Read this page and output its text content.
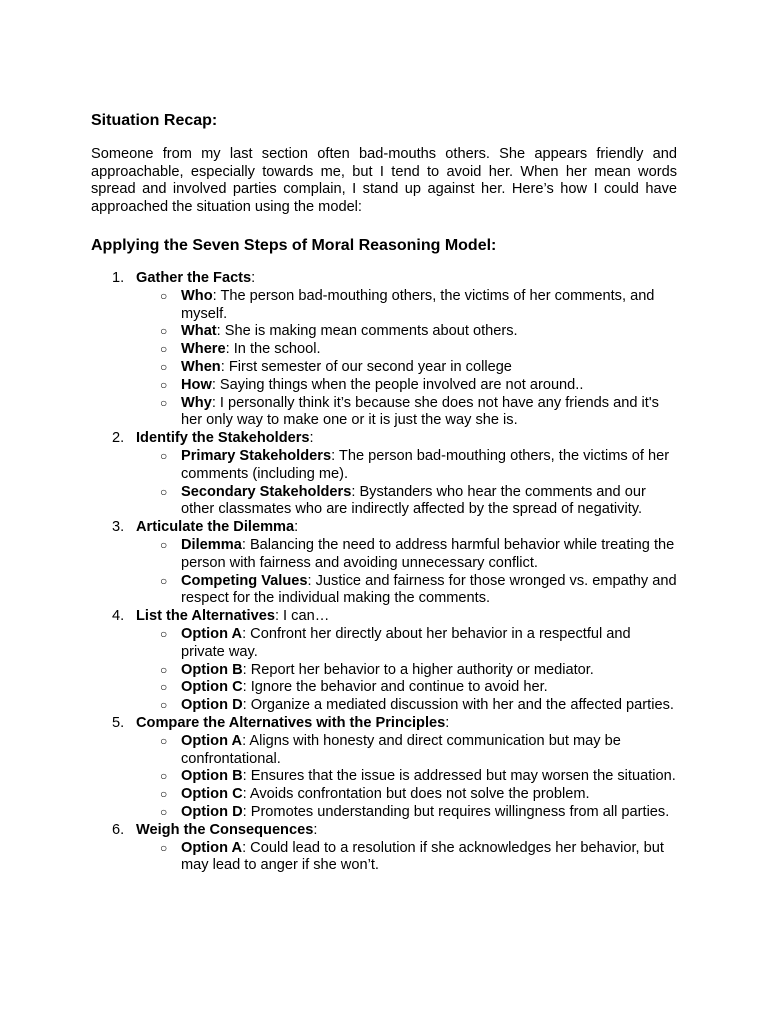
Situation Recap:

Someone from my last section often bad-mouths others. She appears friendly and approachable, especially towards me, but I tend to avoid her. When her mean words spread and involved parties complain, I stand up against her. Here’s how I could have approached the situation using the model:

Applying the Seven Steps of Moral Reasoning Model:
1. Gather the Facts:
○ Who: The person bad-mouthing others, the victims of her comments, and myself.
○ What: She is making mean comments about others.
○ Where: In the school.
○ When: First semester of our second year in college
○ How: Saying things when the people involved are not around..
○ Why: I personally think it’s because she does not have any friends and it's her only way to make one or it is just the way she is.
2. Identify the Stakeholders:
○ Primary Stakeholders: The person bad-mouthing others, the victims of her comments (including me).
○ Secondary Stakeholders: Bystanders who hear the comments and our other classmates who are indirectly affected by the spread of negativity.
3. Articulate the Dilemma:
○ Dilemma: Balancing the need to address harmful behavior while treating the person with fairness and avoiding unnecessary conflict.
○ Competing Values: Justice and fairness for those wronged vs. empathy and respect for the individual making the comments.
4. List the Alternatives: I can…
○ Option A: Confront her directly about her behavior in a respectful and private way.
○ Option B: Report her behavior to a higher authority or mediator.
○ Option C: Ignore the behavior and continue to avoid her.
○ Option D: Organize a mediated discussion with her and the affected parties.
5. Compare the Alternatives with the Principles:
○ Option A: Aligns with honesty and direct communication but may be confrontational.
○ Option B: Ensures that the issue is addressed but may worsen the situation.
○ Option C: Avoids confrontation but does not solve the problem.
○ Option D: Promotes understanding but requires willingness from all parties.
6. Weigh the Consequences:
○ Option A: Could lead to a resolution if she acknowledges her behavior, but may lead to anger if she won’t.
